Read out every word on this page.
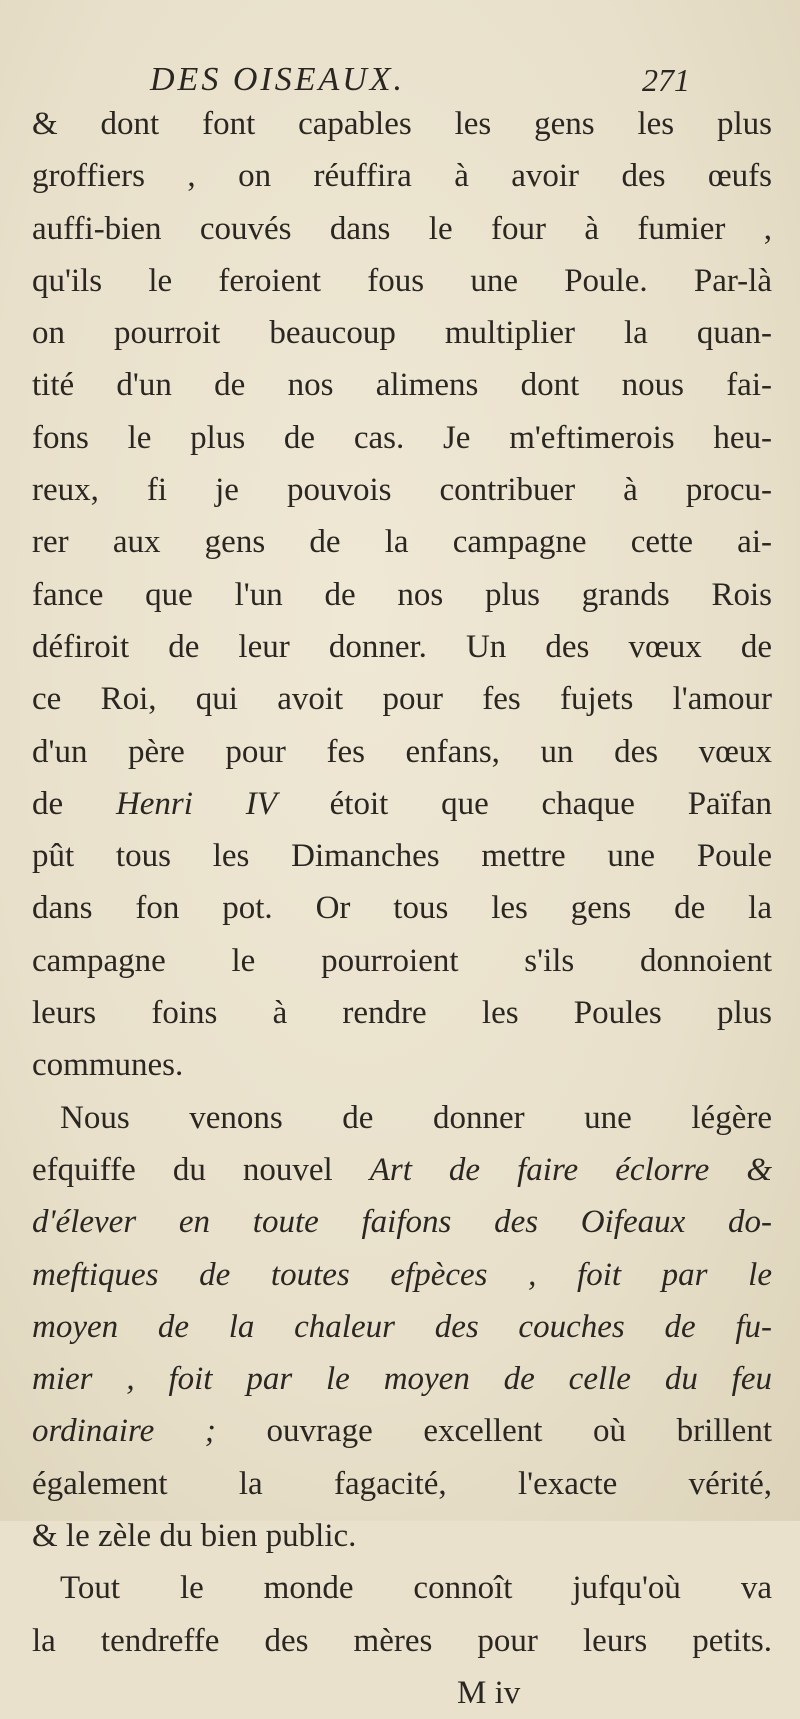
DES OISEAUX.	271
& dont font capables les gens les plus
groffiers , on réuffira à avoir des œufs
auffi-bien couvés dans le four à fumier ,
qu'ils le feroient fous une Poule. Par-là
on pourroit beaucoup multiplier la quan-
tité d'un de nos alimens dont nous fai-
fons le plus de cas. Je m'eftimerois heu-
reux, fi je pouvois contribuer à procu-
rer aux gens de la campagne cette ai-
fance que l'un de nos plus grands Rois
défiroit de leur donner. Un des vœux de
ce Roi, qui avoit pour fes fujets l'amour
d'un père pour fes enfans, un des vœux
de Henri IV étoit que chaque Païfan
pût tous les Dimanches mettre une Poule
dans fon pot. Or tous les gens de la
campagne le pourroient s'ils donnoient
leurs foins à rendre les Poules plus
communes.
Nous venons de donner une légère
efquiffe du nouvel Art de faire éclorre &
d'élever en toute faifons des Oifeaux do-
meftiques de toutes efpèces , foit par le
moyen de la chaleur des couches de fu-
mier , foit par le moyen de celle du feu
ordinaire ; ouvrage excellent où brillent
également la fagacité, l'exacte vérité,
& le zèle du bien public.
Tout le monde connoît jufqu'où va
la tendreffe des mères pour leurs petits.
M iv
